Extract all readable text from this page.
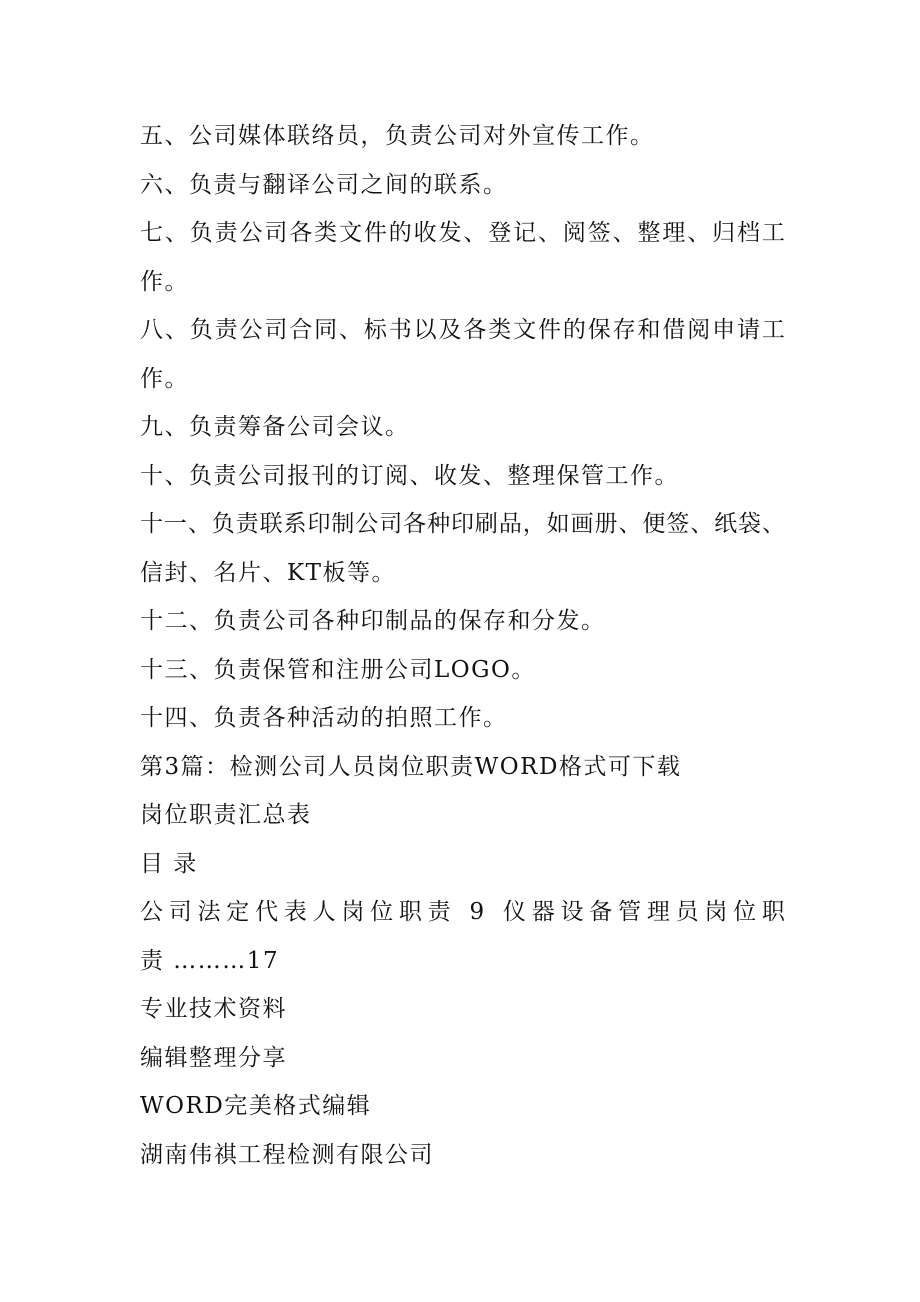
五、公司媒体联络员，负责公司对外宣传工作。
六、负责与翻译公司之间的联系。
七 、 负 责 公 司 各 类 文 件 的 收 发 、 登 记 、 阅 签 、 整 理 、 归 档 工
作。
八 、 负 责 公 司 合 同 、 标 书 以 及 各 类 文 件 的 保 存 和 借 阅 申 请 工
作。
九、负责筹备公司会议。
十、负责公司报刊的订阅、收发、整理保管工作。
十 一 、 负 责 联 系 印 制 公 司 各 种 印 刷 品 ， 如 画 册 、 便 签 、 纸 袋 、
信封、名片、KT板等。
十二、负责公司各种印制品的保存和分发。
十三、负责保管和注册公司LOGO。
十四、负责各种活动的拍照工作。
第3篇：检测公司人员岗位职责WORD格式可下载
岗位职责汇总表
目 录
公 司 法 定 代 表 人 岗 位 职 责
9
仪 器 设 备 管 理 员 岗 位 职
责 ………17
专业技术资料
编辑整理分享
WORD完美格式编辑
湖南伟祺工程检测有限公司
